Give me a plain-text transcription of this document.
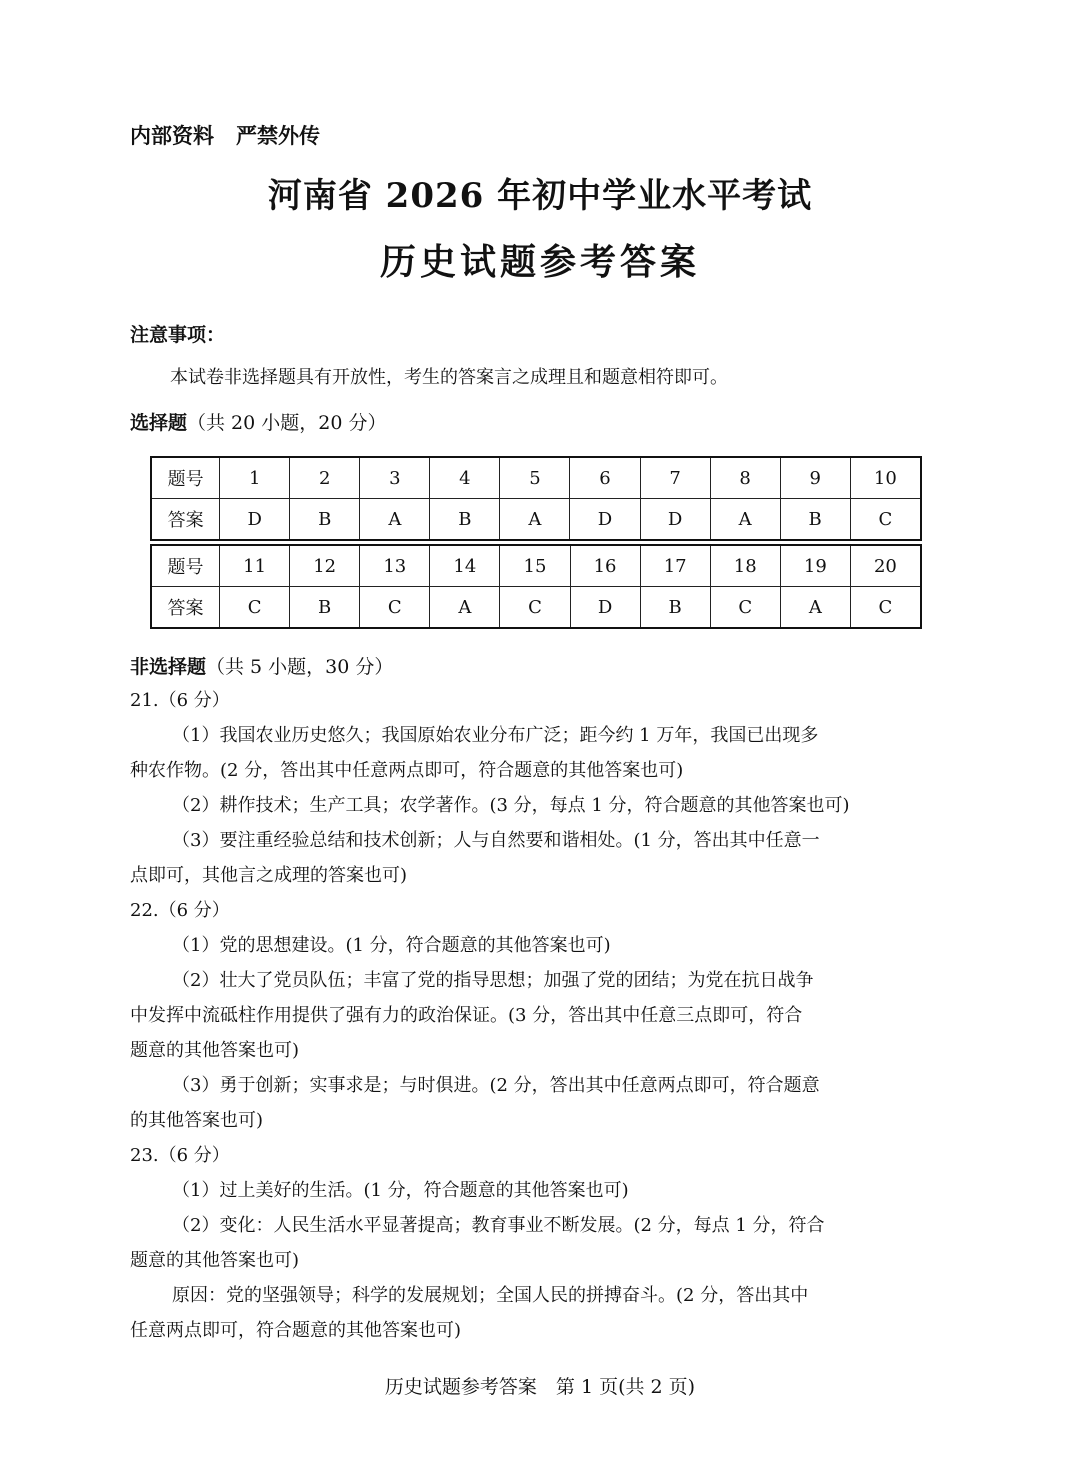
内部资料 严禁外传
河南省 2026 年初中学业水平考试
历史试题参考答案
注意事项：
本试卷非选择题具有开放性，考生的答案言之成理且和题意相符即可。
选择题（共 20 小题，20 分）
题号	1	2	3	4	5	6	7	8	9	10
答案	D	B	A	B	A	D	D	A	B	C
题号	11	12	13	14	15	16	17	18	19	20
答案	C	B	C	A	C	D	B	C	A	C
非选择题（共 5 小题，30 分）
21.（6 分）
（1）我国农业历史悠久；我国原始农业分布广泛；距今约 1 万年，我国已出现多
种农作物。(2 分，答出其中任意两点即可，符合题意的其他答案也可)
（2）耕作技术；生产工具；农学著作。(3 分，每点 1 分，符合题意的其他答案也可)
（3）要注重经验总结和技术创新；人与自然要和谐相处。(1 分，答出其中任意一
点即可，其他言之成理的答案也可)
22.（6 分）
（1）党的思想建设。(1 分，符合题意的其他答案也可)
（2）壮大了党员队伍；丰富了党的指导思想；加强了党的团结；为党在抗日战争
中发挥中流砥柱作用提供了强有力的政治保证。(3 分，答出其中任意三点即可，符合
题意的其他答案也可)
（3）勇于创新；实事求是；与时俱进。(2 分，答出其中任意两点即可，符合题意
的其他答案也可)
23.（6 分）
（1）过上美好的生活。(1 分，符合题意的其他答案也可)
（2）变化：人民生活水平显著提高；教育事业不断发展。(2 分，每点 1 分，符合
题意的其他答案也可)
原因：党的坚强领导；科学的发展规划；全国人民的拼搏奋斗。(2 分，答出其中
任意两点即可，符合题意的其他答案也可)
历史试题参考答案　第 1 页(共 2 页)
